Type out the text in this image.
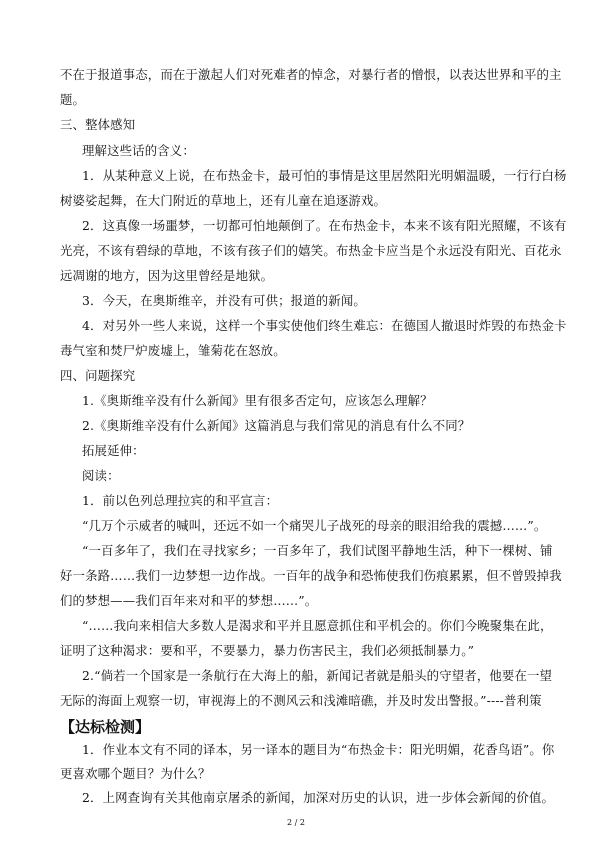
不在于报道事态，而在于激起人们对死难者的悼念，对暴行者的憎恨，以表达世界和平的主
题。
三、整体感知
理解这些话的含义：
1．从某种意义上说，在布热金卡，最可怕的事情是这里居然阳光明媚温暖，一行行白杨
树婆娑起舞，在大门附近的草地上，还有儿童在追逐游戏。
2．这真像一场噩梦，一切都可怕地颠倒了。在布热金卡，本来不该有阳光照耀，不该有
光亮，不该有碧绿的草地，不该有孩子们的嬉笑。布热金卡应当是个永远没有阳光、百花永
远凋谢的地方，因为这里曾经是地狱。
3．今天，在奥斯维辛，并没有可供；报道的新闻。
4．对另外一些人来说，这样一个事实使他们终生难忘：在德国人撤退时炸毁的布热金卡
毒气室和焚尸炉废墟上，雏菊花在怒放。
四、问题探究
1.《奥斯维辛没有什么新闻》里有很多否定句，应该怎么理解？
2.《奥斯维辛没有什么新闻》这篇消息与我们常见的消息有什么不同？
拓展延伸：
阅读：
1．前以色列总理拉宾的和平宣言：
“几万个示威者的喊叫，还远不如一个痛哭儿子战死的母亲的眼泪给我的震撼……”。
“一百多年了，我们在寻找家乡；一百多年了，我们试图平静地生活，种下一棵树、铺
好一条路……我们一边梦想一边作战。一百年的战争和恐怖使我们伤痕累累，但不曾毁掉我
们的梦想——我们百年来对和平的梦想……”。
“……我向来相信大多数人是渴求和平并且愿意抓住和平机会的。你们今晚聚集在此，
证明了这种渴求：要和平，不要暴力，暴力伤害民主，我们必须抵制暴力。”
2.“倘若一个国家是一条航行在大海上的船，新闻记者就是船头的守望者，他要在一望
无际的海面上观察一切，审视海上的不测风云和浅滩暗礁，并及时发出警报。”----普利策
【达标检测】
1．作业本文有不同的译本，另一译本的题目为“布热金卡：阳光明媚，花香鸟语”。你
更喜欢哪个题目？为什么？
2．上网查询有关其他南京屠杀的新闻，加深对历史的认识，进一步体会新闻的价值。
2 / 2
